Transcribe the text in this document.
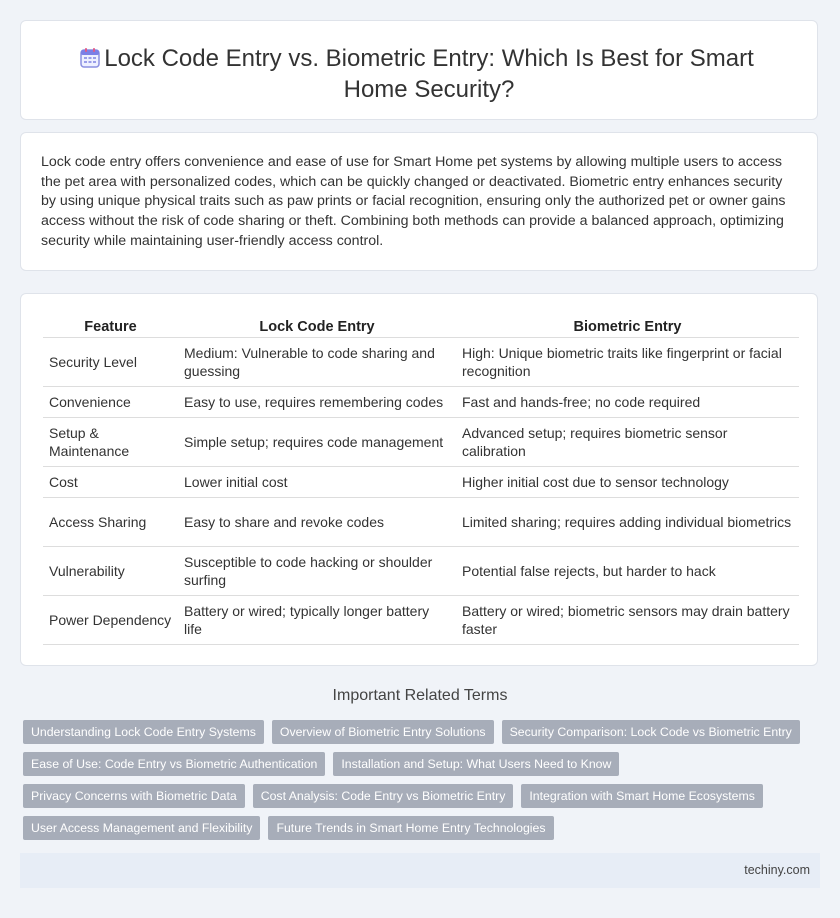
Lock Code Entry vs. Biometric Entry: Which Is Best for Smart Home Security?
Lock code entry offers convenience and ease of use for Smart Home pet systems by allowing multiple users to access the pet area with personalized codes, which can be quickly changed or deactivated. Biometric entry enhances security by using unique physical traits such as paw prints or facial recognition, ensuring only the authorized pet or owner gains access without the risk of code sharing or theft. Combining both methods can provide a balanced approach, optimizing security while maintaining user-friendly access control.
Feature	Lock Code Entry	Biometric Entry
Security Level	Medium: Vulnerable to code sharing and guessing	High: Unique biometric traits like fingerprint or facial recognition
Convenience	Easy to use, requires remembering codes	Fast and hands-free; no code required
Setup & Maintenance	Simple setup; requires code management	Advanced setup; requires biometric sensor calibration
Cost	Lower initial cost	Higher initial cost due to sensor technology
Access Sharing	Easy to share and revoke codes	Limited sharing; requires adding individual biometrics
Vulnerability	Susceptible to code hacking or shoulder surfing	Potential false rejects, but harder to hack
Power Dependency	Battery or wired; typically longer battery life	Battery or wired; biometric sensors may drain battery faster
Important Related Terms
Understanding Lock Code Entry Systems	Overview of Biometric Entry Solutions	Security Comparison: Lock Code vs Biometric Entry
Ease of Use: Code Entry vs Biometric Authentication	Installation and Setup: What Users Need to Know
Privacy Concerns with Biometric Data	Cost Analysis: Code Entry vs Biometric Entry	Integration with Smart Home Ecosystems
User Access Management and Flexibility	Future Trends in Smart Home Entry Technologies
techiny.com
